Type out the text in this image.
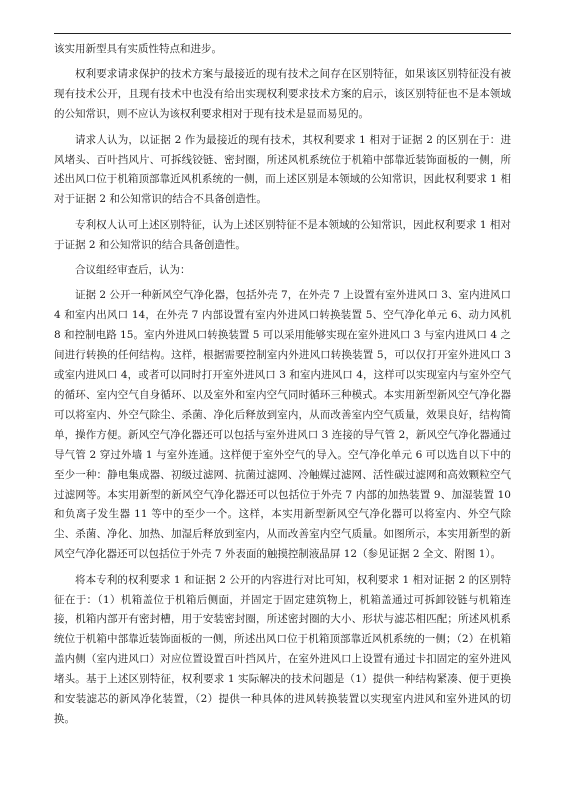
该实用新型具有实质性特点和进步。

权利要求请求保护的技术方案与最接近的现有技术之间存在区别特征，如果该区别特征没有被现有技术公开，且现有技术中也没有给出实现权利要求技术方案的启示，该区别特征也不是本领域的公知常识，则不应认为该权利要求相对于现有技术是显而易见的。

请求人认为，以证据 2 作为最接近的现有技术，其权利要求 1 相对于证据 2 的区别在于：进风堵头、百叶挡风片、可拆线铰链、密封圈，所述风机系统位于机箱中部靠近装饰面板的一侧，所述出风口位于机箱顶部靠近风机系统的一侧，而上述区别是本领域的公知常识，因此权利要求 1 相对于证据 2 和公知常识的结合不具备创造性。

专利权人认可上述区别特征，认为上述区别特征不是本领域的公知常识，因此权利要求 1 相对于证据 2 和公知常识的结合具备创造性。

合议组经审查后，认为：

证据 2 公开一种新风空气净化器，包括外壳 7，在外壳 7 上设置有室外进风口 3、室内进风口 4 和室内出风口 14，在外壳 7 内部设置有室内外进风口转换装置 5、空气净化单元 6、动力风机 8 和控制电路 15。室内外进风口转换装置 5 可以采用能够实现在室外进风口 3 与室内进风口 4 之间进行转换的任何结构。这样，根据需要控制室内外进风口转换装置 5，可以仅打开室外进风口 3 或室内进风口 4，或者可以同时打开室外进风口 3 和室内进风口 4，这样可以实现室内与室外空气的循环、室内空气自身循环、以及室外和室内空气同时循环三种模式。本实用新型新风空气净化器可以将室内、外空气除尘、杀菌、净化后释放到室内，从而改善室内空气质量，效果良好，结构简单，操作方便。新风空气净化器还可以包括与室外进风口 3 连接的导气管 2，新风空气净化器通过导气管 2 穿过外墙 1 与室外连通。这样便于室外空气的导入。空气净化单元 6 可以选自以下中的至少一种：静电集成器、初级过滤网、抗菌过滤网、冷触媒过滤网、活性碳过滤网和高效颗粒空气过滤网等。本实用新型的新风空气净化器还可以包括位于外壳 7 内部的加热装置 9、加湿装置 10 和负离子发生器 11 等中的至少一个。这样，本实用新型新风空气净化器可以将室内、外空气除尘、杀菌、净化、加热、加湿后释放到室内，从而改善室内空气质量。如图所示，本实用新型的新风空气净化器还可以包括位于外壳 7 外表面的触摸控制液晶屏 12（参见证据 2 全文、附图 1）。

将本专利的权利要求 1 和证据 2 公开的内容进行对比可知，权利要求 1 相对证据 2 的区别特征在于：（1）机箱盖位于机箱后侧面，并固定于固定建筑物上，机箱盖通过可拆卸铰链与机箱连接，机箱内部开有密封槽，用于安装密封圈，所述密封圈的大小、形状与滤芯相匹配；所述风机系统位于机箱中部靠近装饰面板的一侧，所述出风口位于机箱顶部靠近风机系统的一侧；（2）在机箱盖内侧（室内进风口）对应位置设置百叶挡风片，在室外进风口上设置有通过卡扣固定的室外进风堵头。基于上述区别特征，权利要求 1 实际解决的技术问题是（1）提供一种结构紧凑、便于更换和安装滤芯的新风净化装置，（2）提供一种具体的进风转换装置以实现室内进风和室外进风的切换。
